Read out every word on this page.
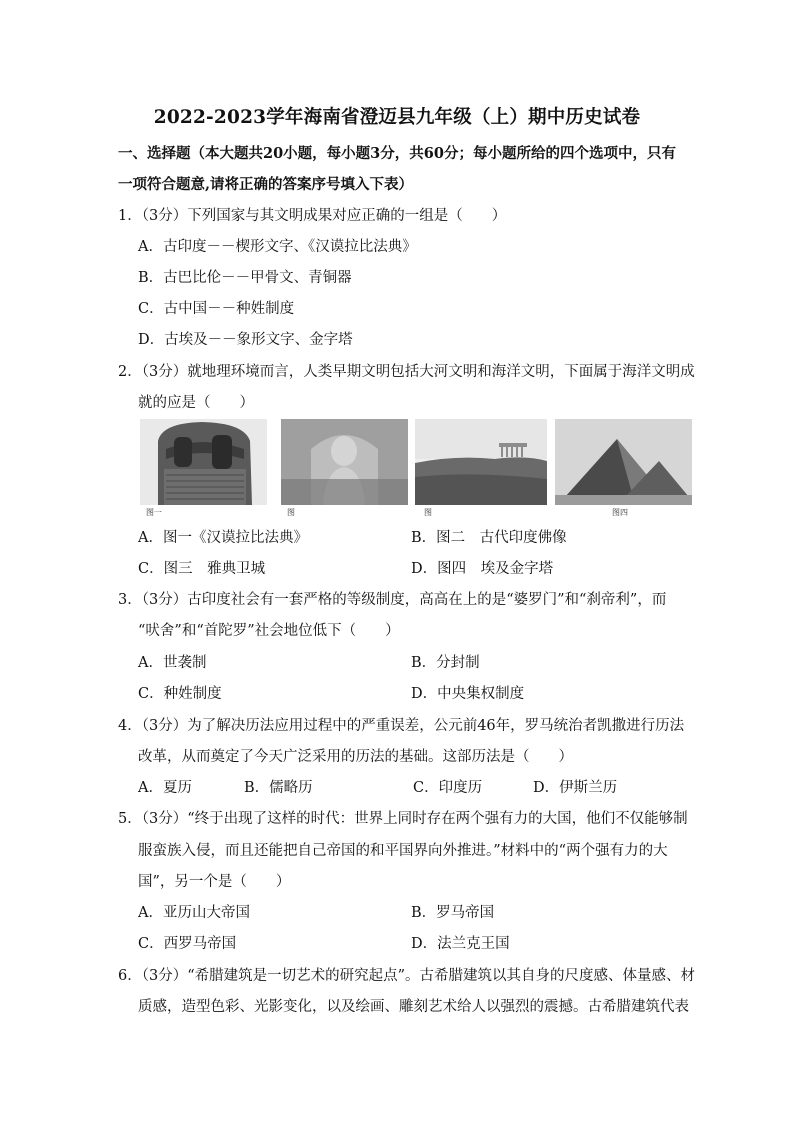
2022-2023学年海南省澄迈县九年级（上）期中历史试卷
一、选择题（本大题共20小题，每小题3分，共60分；每小题所给的四个选项中，只有
一项符合题意,请将正确的答案序号填入下表）
1．（3分）下列国家与其文明成果对应正确的一组是（　　）
A．古印度－－楔形文字、《汉谟拉比法典》
B．古巴比伦－－甲骨文、青铜器
C．古中国－－种姓制度
D．古埃及－－象形文字、金字塔
2．（3分）就地理环境而言，人类早期文明包括大河文明和海洋文明，下面属于海洋文明成
就的应是（　　）
图一	图	图	图四
A．图一《汉谟拉比法典》	B．图二　古代印度佛像
C．图三　雅典卫城	D．图四　埃及金字塔
3．（3分）古印度社会有一套严格的等级制度，高高在上的是“婆罗门”和“刹帝利”，而
“吠舍”和“首陀罗”社会地位低下（　　）
A．世袭制	B．分封制
C．种姓制度	D．中央集权制度
4．（3分）为了解决历法应用过程中的严重误差，公元前46年，罗马统治者凯撒进行历法
改革，从而奠定了今天广泛采用的历法的基础。这部历法是（　　）
A．夏历	B．儒略历	C．印度历	D．伊斯兰历
5．（3分）“终于出现了这样的时代：世界上同时存在两个强有力的大国，他们不仅能够制
服蛮族入侵，而且还能把自己帝国的和平国界向外推进。”材料中的“两个强有力的大
国”，另一个是（　　）
A．亚历山大帝国	B．罗马帝国
C．西罗马帝国	D．法兰克王国
6．（3分）“希腊建筑是一切艺术的研究起点”。古希腊建筑以其自身的尺度感、体量感、材
质感，造型色彩、光影变化，以及绘画、雕刻艺术给人以强烈的震撼。古希腊建筑代表
